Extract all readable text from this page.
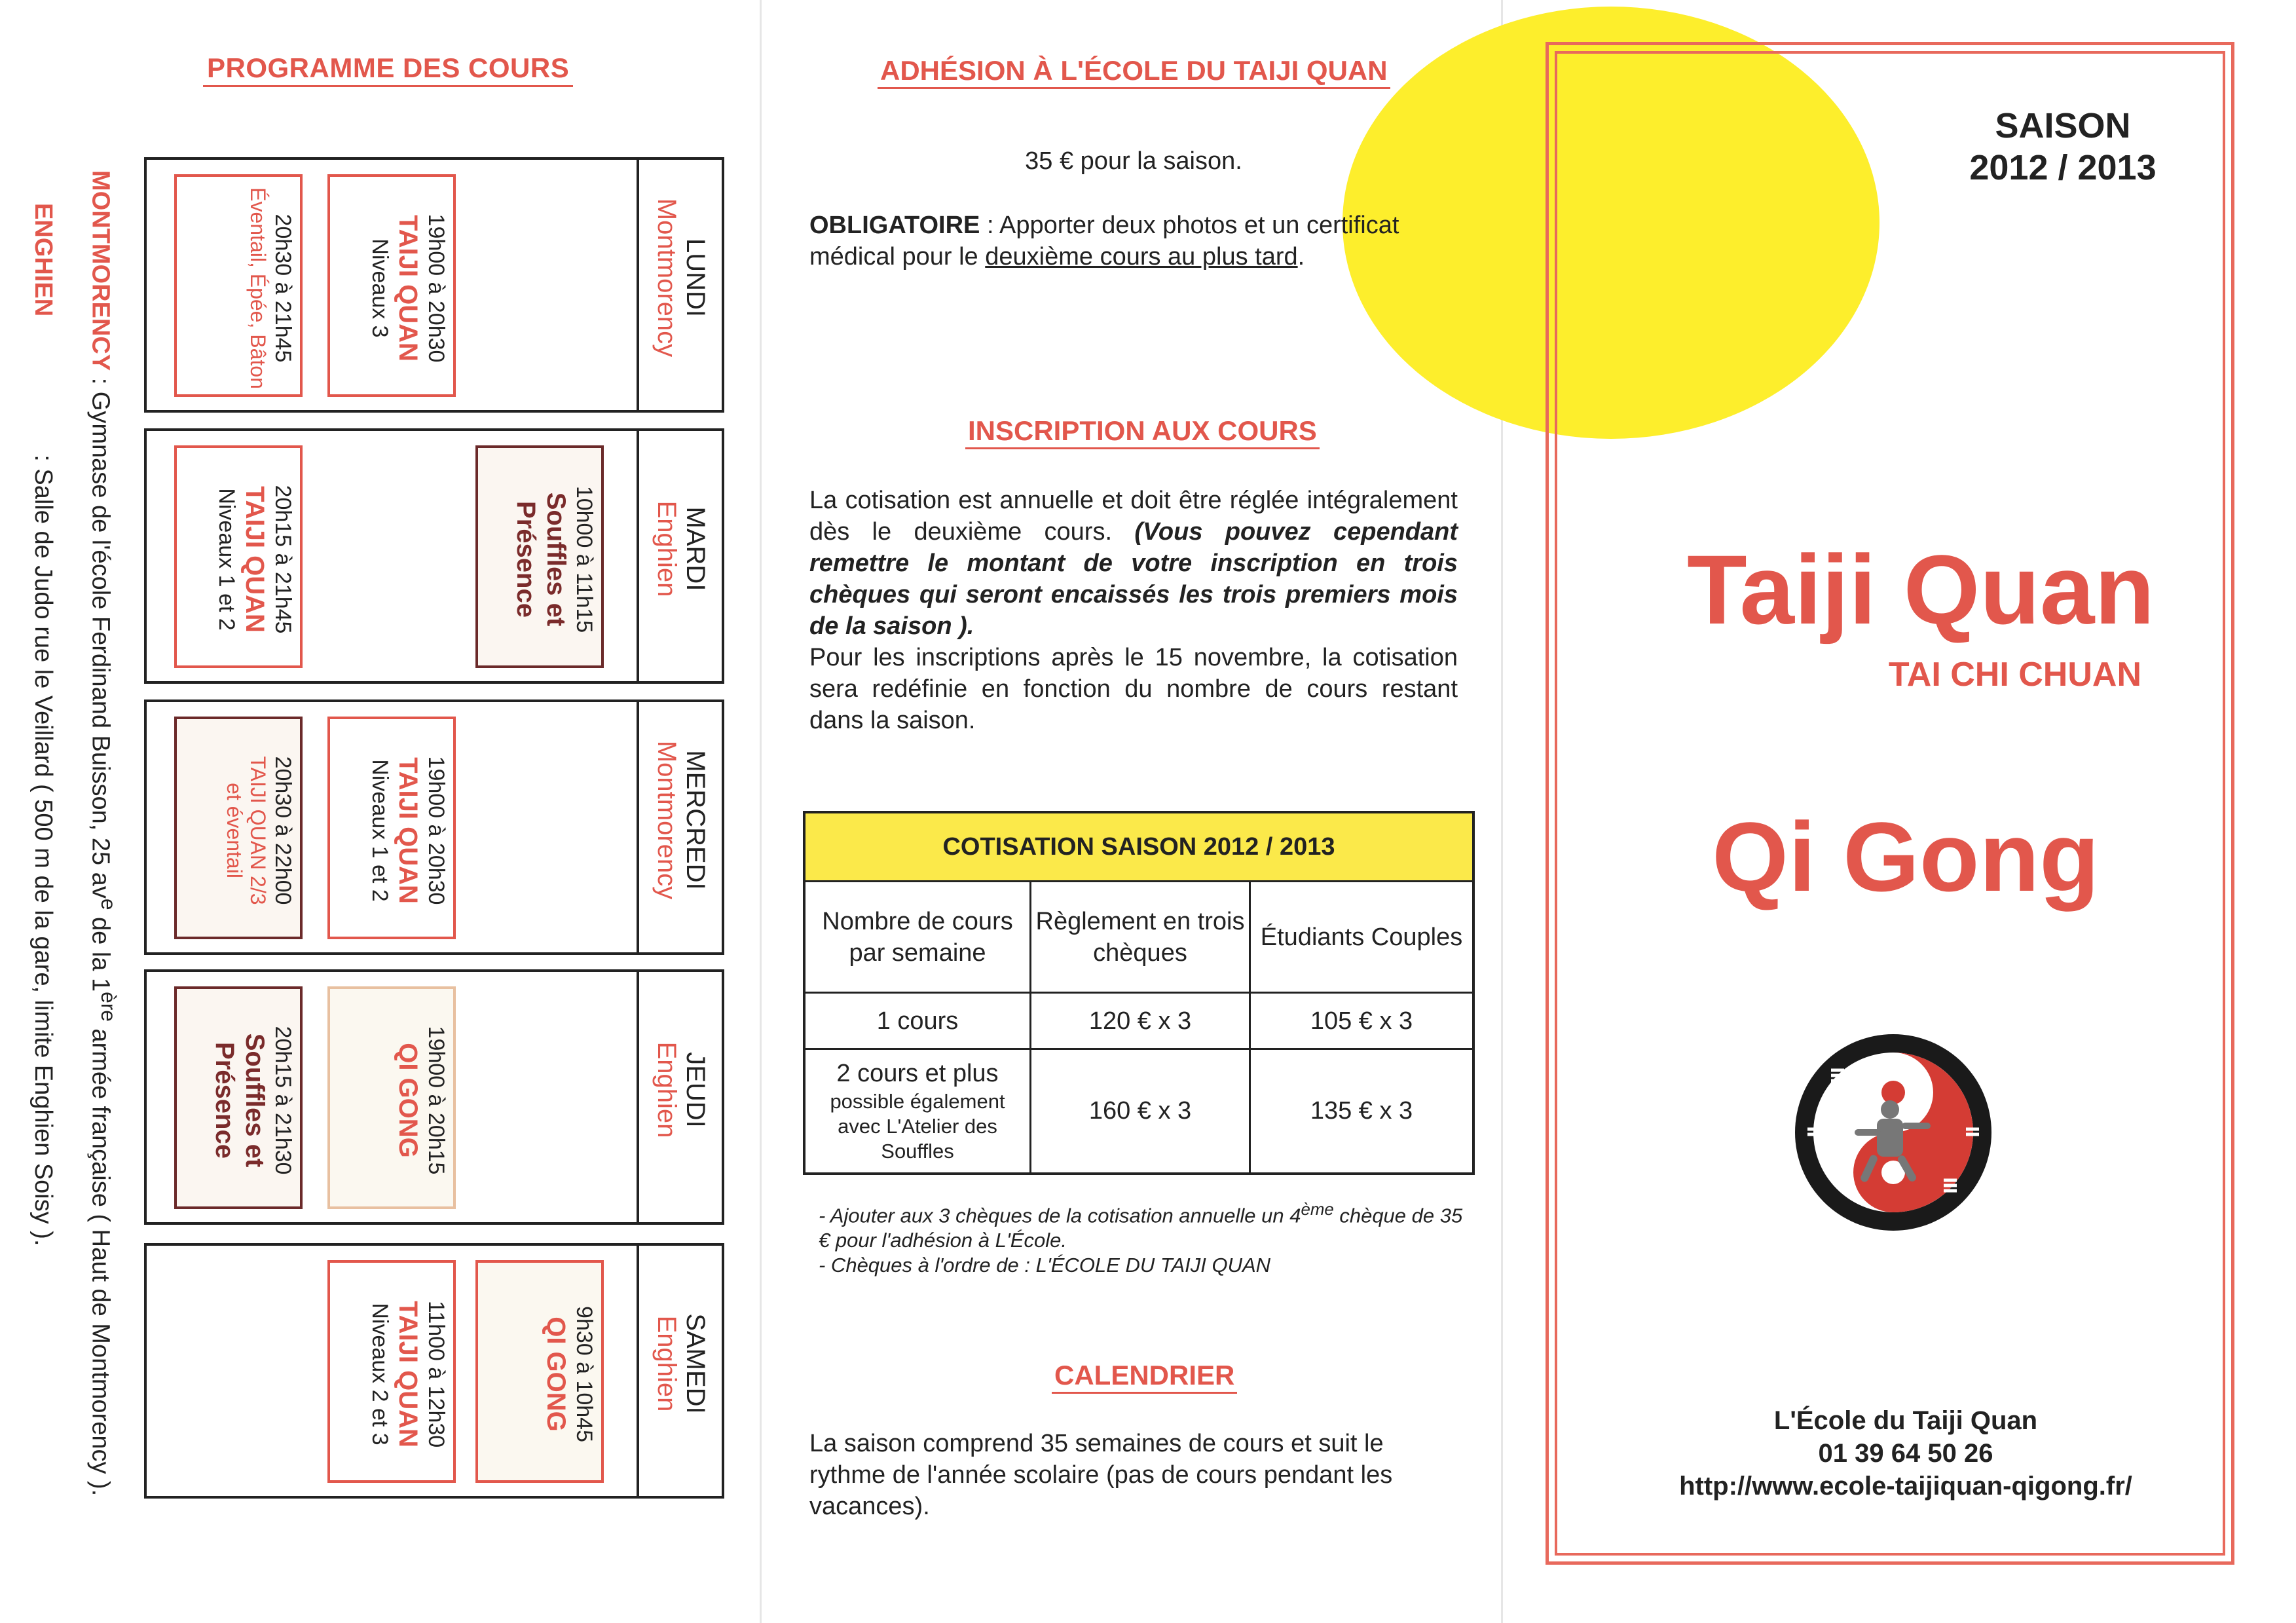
PROGRAMME DES COURS
LUNDI
Montmorency
19h00 à 20h30
TAIJI QUAN
Niveaux 3
20h30 à 21h45
Éventail, Épée, Bâton
MARDI
Enghien
10h00 à 11h15
Souffles et Présence
20h15 à 21h45
TAIJI QUAN
Niveaux 1 et 2
MERCREDI
Montmorency
19h00 à 20h30
TAIJI QUAN
Niveaux 1 et 2
20h30 à 22h00
TAIJI QUAN 2/3
et éventail
JEUDI
Enghien
19h00 à 20h15
QI GONG
20h15 à 21h30
Souffles et Présence
SAMEDI
Enghien
9h30 à 10h45
QI GONG
11h00 à 12h30
TAIJI QUAN
Niveaux 2 et 3
MONTMORENCY : Gymnase de l'école Ferdinand Buisson, 25 $av^e$ de la 1ère armée française ( Haut de Montmorency ).
ENGHIEN                    : Salle de Judo rue le Veillard ( 500 m de la gare, limite Enghien Soisy ).
ADHÉSION À L'ÉCOLE DU TAIJI QUAN
35 € pour la saison.
OBLIGATOIRE : Apporter deux photos et un certificat médical pour le deuxième cours au plus tard.
INSCRIPTION AUX COURS
La cotisation est annuelle et doit être réglée intégralement dès le deuxième cours. (Vous pouvez cependant remettre le montant de votre inscription en trois chèques qui seront encaissés les trois premiers mois de la saison ).
Pour les inscriptions après le 15 novembre, la cotisation sera redéfinie en fonction du nombre de cours restant dans la saison.
COTISATION SAISON 2012 / 2013		
Nombre de cours par semaine	Règlement en trois chèques	Étudiants Couples
1 cours	120 € x 3	105 € x 3

2 cours et plus
possible également avec L'Atelier des Souffles	160 € x 3	135 € x 3
- Ajouter aux 3 chèques de la cotisation annuelle un 4ème chèque de 35 € pour l'adhésion à L'École.
- Chèques à l'ordre de : L'ÉCOLE DU TAIJI QUAN
CALENDRIER
La saison comprend 35 semaines de cours et suit le rythme de l'année scolaire (pas de cours pendant les vacances).
SAISON
2012 / 2013
Taiji Quan
TAI CHI CHUAN
Qi Gong
L'École du Taiji Quan
01 39 64 50 26
http://www.ecole-taijiquan-qigong.fr/
